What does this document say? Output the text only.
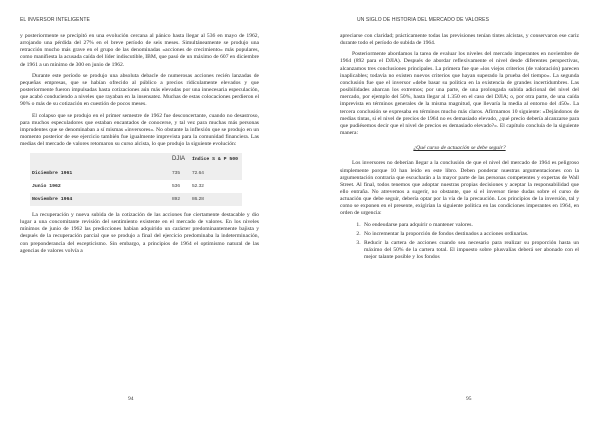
EL INVERSOR INTELIGENTE	UN SIGLO DE HISTORIA DEL MERCADO DE VALORES

y posteriormente se precipitó en una evolución cercana al pánico hasta llegar al 536 en mayo de 1962, arrojando una pérdida del 27% en el breve período de seis meses. Simultáneamente se produjo una retracción mucho más grave en el grupo de las denominadas «acciones de crecimiento» más populares, como manifiesta la acusada caída del líder indiscutible, IBM, que pasó de un máximo de 607 en diciembre de 1961 a un mínimo de 300 en junio de 1962.

Durante este período se produjo una absoluta debacle de numerosas acciones recién lanzadas de pequeñas empresas, que se habían ofrecido al público a precios ridículamente elevados y que posteriormente fueron impulsadas hasta cotizaciones aún más elevadas por una innecesaria especulación, que acabó conduciendo a niveles que rayaban en la insensatez. Muchas de estas colocaciones perdieron el 90% o más de su cotización en cuestión de pocos meses.

El colapso que se produjo en el primer semestre de 1962 fue desconcertante, cuando no desastroso, para muchos especuladores que estaban encantados de conocerse, y tal vez para muchas más personas imprudentes que se denominaban a sí mismas «inversores». No obstante la inflexión que se produjo en un momento posterior de ese ejercicio también fue igualmente imprevista para la comunidad financiera. Las medias del mercado de valores retomaron su curso alcista, lo que produjo la siguiente evolución:

	DJIA	Índice S & P 500
Diciembre 1961	735	72.64
Junio 1962	536	52.32
Noviembre 1964	892	86.28

La recuperación y nueva subida de la cotización de las acciones fue ciertamente destacable y dio lugar a una concomitante revisión del sentimiento existente en el mercado de valores. En los niveles mínimos de junio de 1962 las predicciones habían adquirido un carácter predominantemente bajista y después de la recuperación parcial que se produjo a final del ejercicio predominaba la indeterminación, con preponderancia del escepticismo. Sin embargo, a principios de 1964 el optimismo natural de las agencias de valores volvía a

94

apreciarse con claridad; prácticamente todas las previsiones tenían tintes alcistas, y conservaron ese cariz durante todo el período de subida de 1964.

Posteriormente abordamos la tarea de evaluar los niveles del mercado imperantes en noviembre de 1964 (892 para el DJIA). Después de abordar reflexivamente el nivel desde diferentes perspectivas, alcanzamos tres conclusiones principales. La primera fue que «los viejos criterios (de valoración) parecen inaplicables; todavía no existen nuevos criterios que hayan superado la prueba del tiempo». La segunda conclusión fue que el inversor «debe basar su política en la existencia de grandes incertidumbres. Las posibilidades abarcan los extremos; por una parte, de una prolongada subida adicional del nivel del mercado, por ejemplo del 50%, hasta llegar al 1.350 en el caso del DJIA; o, por otra parte, de una caída imprevista en términos generales de la misma magnitud, que llevaría la media al entorno del 450». La tercera conclusión se expresaba en términos mucho más claros. Afirmamos 10 siguiente: «Dejándonos de medias tintas, si el nivel de precios de 1964 no es demasiado elevado, ¿qué precio debería alcanzarse para que pudiésemos decir que el nivel de precios es demasiado elevado?». El capítulo concluía de la siguiente manera:

¿Qué curso de actuación se debe seguir?

Los inversores no deberían llegar a la conclusión de que el nivel del mercado de 1964 es peligroso simplemente porque 10 han leído en este libro. Deben ponderar nuestras argumentaciones con la argumentación contraria que escucharán a la mayor parte de las personas competentes y expertas de Wall Street. Al final, todos tenemos que adoptar nuestras propias decisiones y aceptar la responsabilidad que ello entraña. No atrevemos a sugerir, no obstante, que si el inversor tiene dudas sobre el curso de actuación que debe seguir, debería optar por la vía de la precaución. Los principios de la inversión, tal y como se exponen en el presente, exigirían la siguiente política en las condiciones imperantes en 1964, en orden de urgencia:

1. No endeudarse para adquirir o mantener valores.
2. No incrementar la proporción de fondos destinados a acciones ordinarias.
3. Reducir la cartera de acciones cuando sea necesario para realizar su proporción hasta un máximo del 50% de la cartera total. El impuesto sobre plusvalías deberá ser abonado con el mejor talante posible y los fondos
95
